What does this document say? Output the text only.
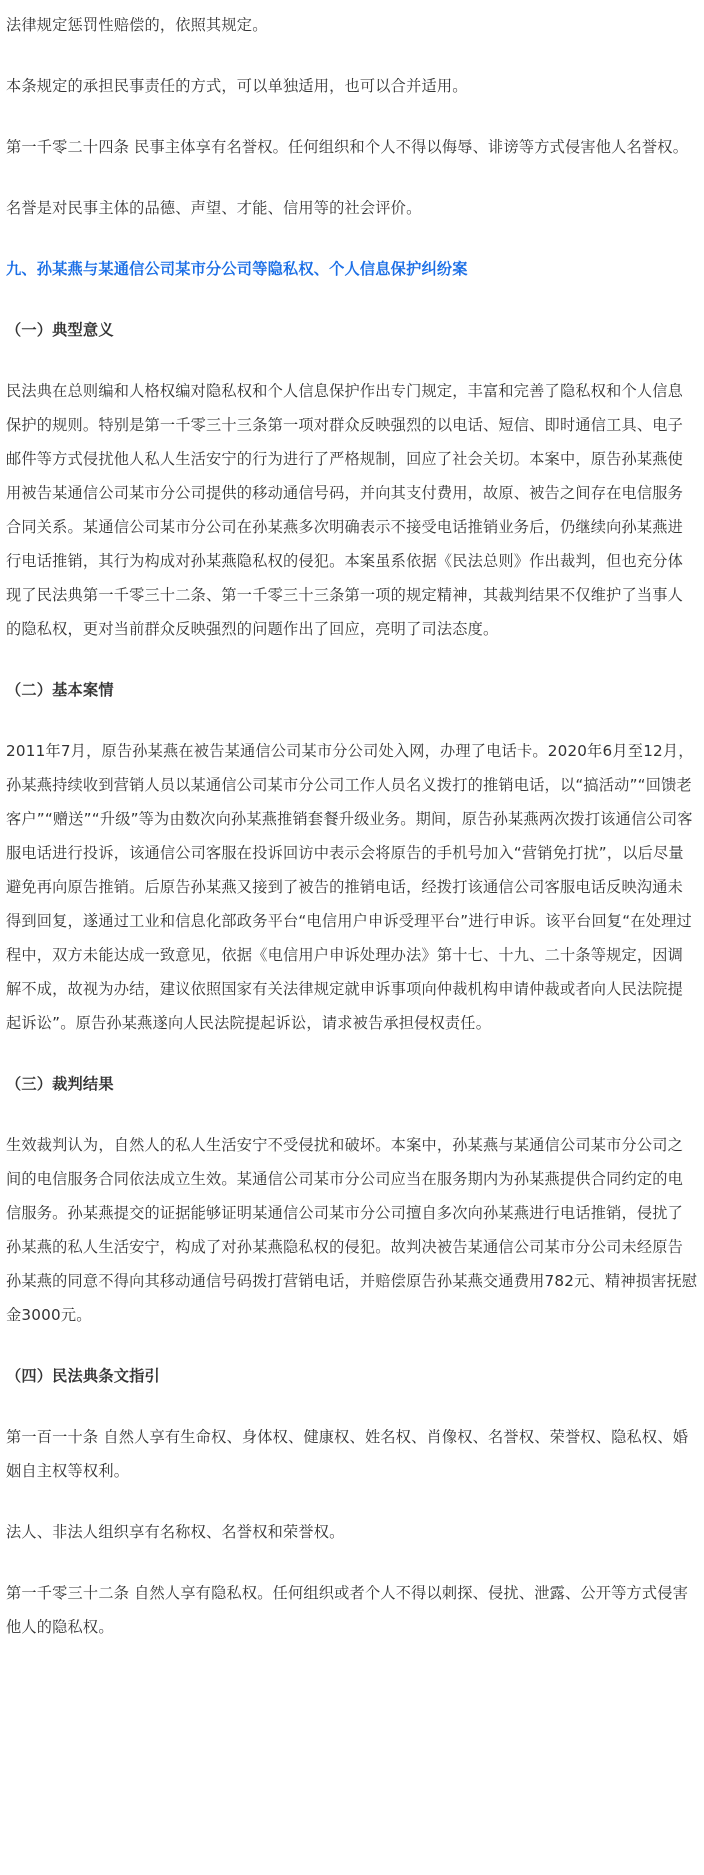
法律规定惩罚性赔偿的，依照其规定。

本条规定的承担民事责任的方式，可以单独适用，也可以合并适用。

第一千零二十四条 民事主体享有名誉权。任何组织和个人不得以侮辱、诽谤等方式侵害他人名誉权。

名誉是对民事主体的品德、声望、才能、信用等的社会评价。

九、孙某燕与某通信公司某市分公司等隐私权、个人信息保护纠纷案

（一）典型意义

民法典在总则编和人格权编对隐私权和个人信息保护作出专门规定，丰富和完善了隐私权和个人信息保护的规则。特别是第一千零三十三条第一项对群众反映强烈的以电话、短信、即时通信工具、电子邮件等方式侵扰他人私人生活安宁的行为进行了严格规制，回应了社会关切。本案中，原告孙某燕使用被告某通信公司某市分公司提供的移动通信号码，并向其支付费用，故原、被告之间存在电信服务合同关系。某通信公司某市分公司在孙某燕多次明确表示不接受电话推销业务后，仍继续向孙某燕进行电话推销，其行为构成对孙某燕隐私权的侵犯。本案虽系依据《民法总则》作出裁判，但也充分体现了民法典第一千零三十二条、第一千零三十三条第一项的规定精神，其裁判结果不仅维护了当事人的隐私权，更对当前群众反映强烈的问题作出了回应，亮明了司法态度。

（二）基本案情

2011年7月，原告孙某燕在被告某通信公司某市分公司处入网，办理了电话卡。2020年6月至12月，孙某燕持续收到营销人员以某通信公司某市分公司工作人员名义拨打的推销电话，以“搞活动”“回馈老客户”“赠送”“升级”等为由数次向孙某燕推销套餐升级业务。期间，原告孙某燕两次拨打该通信公司客服电话进行投诉，该通信公司客服在投诉回访中表示会将原告的手机号加入“营销免打扰”，以后尽量避免再向原告推销。后原告孙某燕又接到了被告的推销电话，经拨打该通信公司客服电话反映沟通未得到回复，遂通过工业和信息化部政务平台“电信用户申诉受理平台”进行申诉。该平台回复“在处理过程中，双方未能达成一致意见，依据《电信用户申诉处理办法》第十七、十九、二十条等规定，因调解不成，故视为办结，建议依照国家有关法律规定就申诉事项向仲裁机构申请仲裁或者向人民法院提起诉讼”。原告孙某燕遂向人民法院提起诉讼，请求被告承担侵权责任。

（三）裁判结果

生效裁判认为，自然人的私人生活安宁不受侵扰和破坏。本案中，孙某燕与某通信公司某市分公司之间的电信服务合同依法成立生效。某通信公司某市分公司应当在服务期内为孙某燕提供合同约定的电信服务。孙某燕提交的证据能够证明某通信公司某市分公司擅自多次向孙某燕进行电话推销，侵扰了孙某燕的私人生活安宁，构成了对孙某燕隐私权的侵犯。故判决被告某通信公司某市分公司未经原告孙某燕的同意不得向其移动通信号码拨打营销电话，并赔偿原告孙某燕交通费用782元、精神损害抚慰金3000元。

（四）民法典条文指引

第一百一十条 自然人享有生命权、身体权、健康权、姓名权、肖像权、名誉权、荣誉权、隐私权、婚姻自主权等权利。

法人、非法人组织享有名称权、名誉权和荣誉权。

第一千零三十二条 自然人享有隐私权。任何组织或者个人不得以刺探、侵扰、泄露、公开等方式侵害他人的隐私权。
